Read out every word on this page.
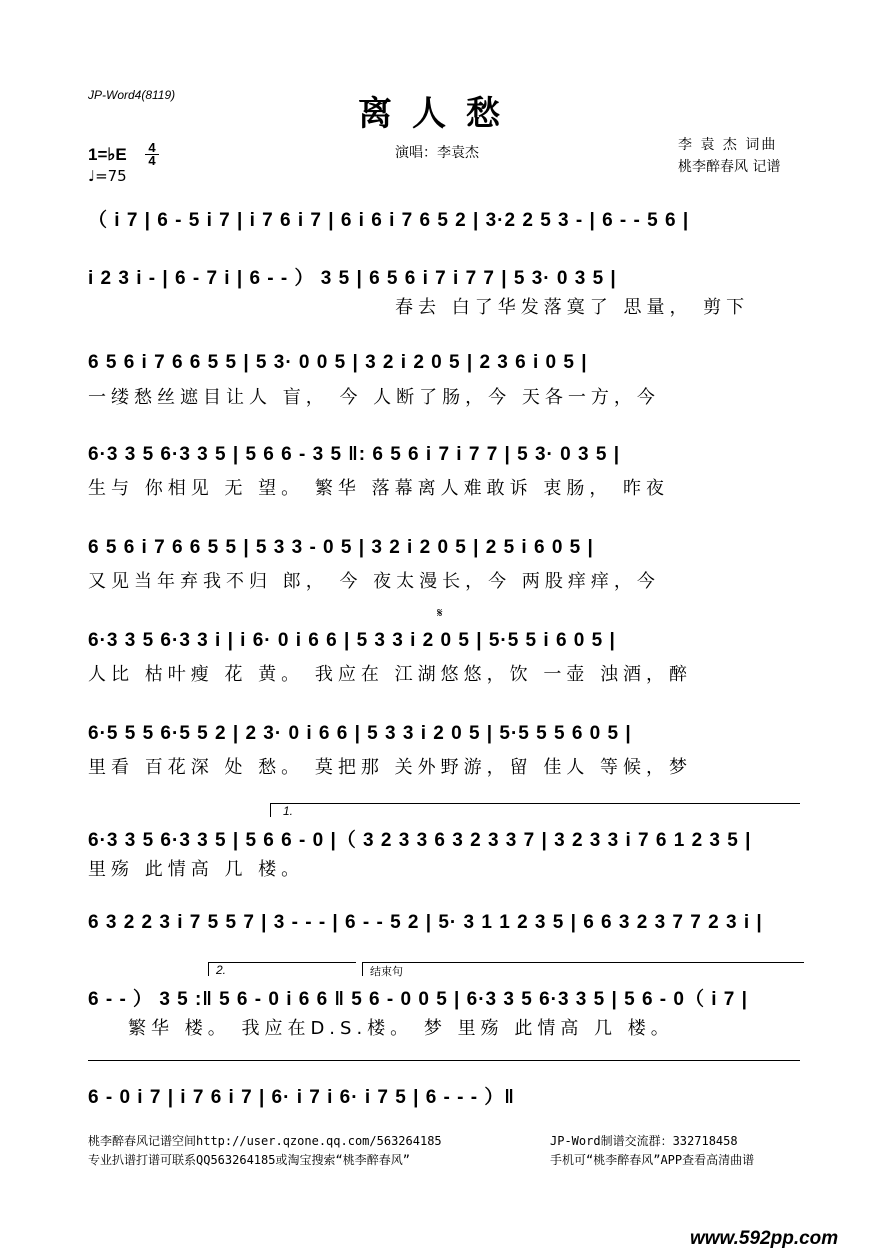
JP-Word4(8119)	离人愁
演唱：李袁杰	李 袁 杰 词曲
桃李醉春风 记谱
1=♭E 4
4
♩=75
（ i 7 | 6 - 5 i 7 | i 7 6 i 7 | 6 i 6 i 7 6 5 2 | 3·2 2 5 3 - | 6 - - 5 6 |
i 2 3 i - | 6 - 7 i | 6 - - ） 3 5 | 6 5 6 i 7 i 7 7 | 5 3· 0 3 5 |
春去 白了华发落寞了 思量， 剪下
6 5 6 i 7 6 6 5 5 | 5 3· 0 0 5 | 3 2 i 2 0 5 | 2 3 6 i 0 5 |
一缕愁丝遮目让人 盲， 今 人断了肠，今 天各一方，今
6·3 3 5 6·3 3 5 | 5 6 6 - 3 5 ‖: 6 5 6 i 7 i 7 7 | 5 3· 0 3 5 |
生与 你相见 无 望。 繁华 落幕离人难敢诉 衷肠， 昨夜
6 5 6 i 7 6 6 5 5 | 5 3 3 - 0 5 | 3 2 i 2 0 5 | 2 5 i 6 0 5 |
又见当年弃我不归 郎， 今 夜太漫长，今 两股痒痒，今
𝄋
6·3 3 5 6·3 3 i | i 6· 0 i 6 6 | 5 3 3 i 2 0 5 | 5·5 5 i 6 0 5 |
人比 枯叶瘦 花 黄。 我应在 江湖悠悠，饮 一壶 浊酒，醉
6·5 5 5 6·5 5 2 | 2 3· 0 i 6 6 | 5 3 3 i 2 0 5 | 5·5 5 5 6 0 5 |
里看 百花深 处 愁。 莫把那 关外野游，留 佳人 等候，梦
1.
6·3 3 5 6·3 3 5 | 5 6 6 - 0 |（ 3 2 3 3 6 3 2 3 3 7 | 3 2 3 3 i 7 6 1 2 3 5 |
里殇 此情高 几 楼。
6 3 2 2 3 i 7 5 5 7 | 3 - - - | 6 - - 5 2 | 5· 3 1 1 2 3 5 | 6 6 3 2 3 7 7 2 3 i |
2.	结束句
6 - - ） 3 5 :‖ 5 6 - 0 i 6 6 ‖ 5 6 - 0 0 5 | 6·3 3 5 6·3 3 5 | 5 6 - 0（ i 7 |
繁华 楼。 我应在D.S.楼。 梦 里殇 此情高 几 楼。
6 - 0 i 7 | i 7 6 i 7 | 6· i 7 i 6· i 7 5 | 6 - - - ）‖
桃李醉春风记谱空间http://user.qzone.qq.com/563264185
专业扒谱打谱可联系QQ563264185或淘宝搜索“桃李醉春风”
JP-Word制谱交流群：332718458
手机可“桃李醉春风”APP查看高清曲谱
www.592pp.com
